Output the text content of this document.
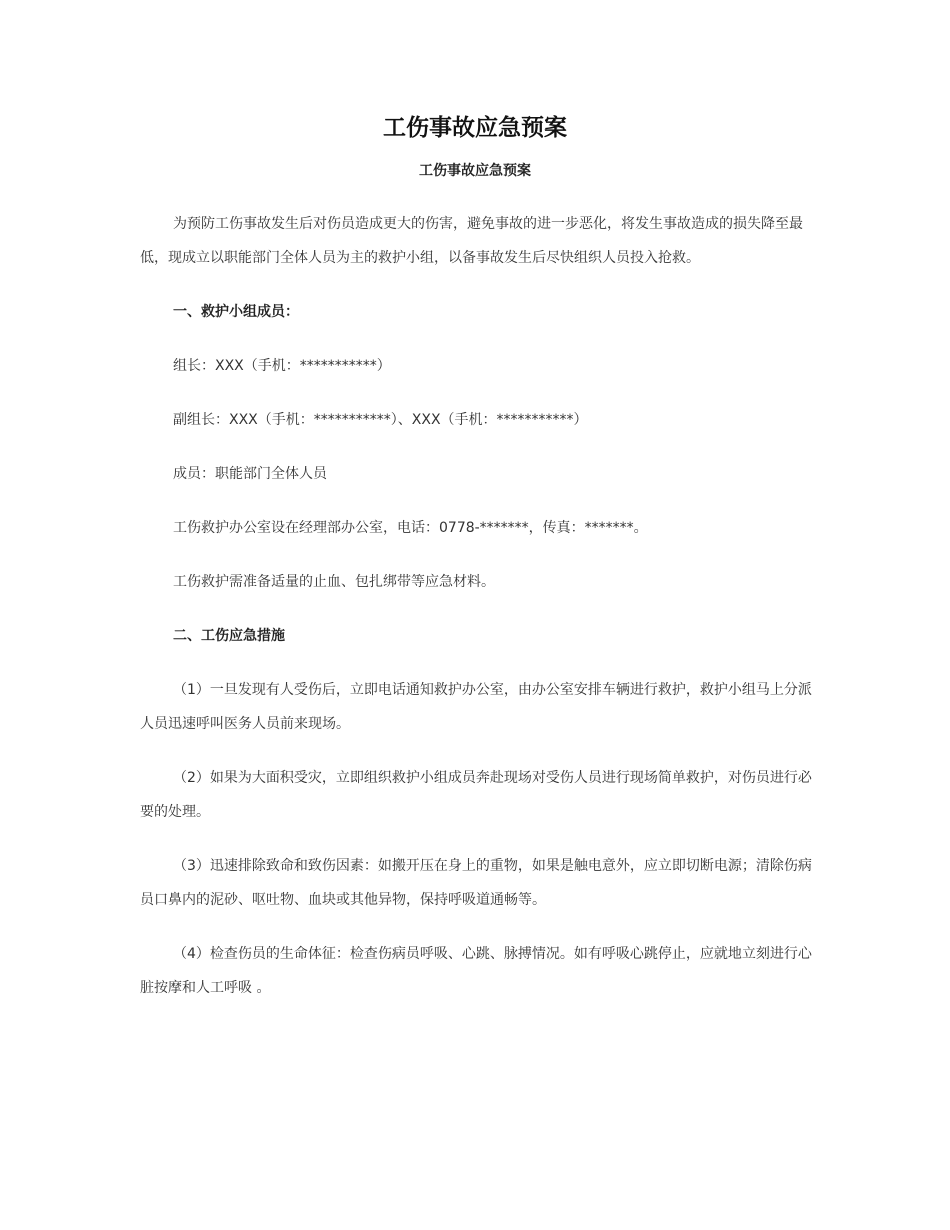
工伤事故应急预案
工伤事故应急预案

为预防工伤事故发生后对伤员造成更大的伤害，避免事故的进一步恶化，将发生事故造成的损失降至最低，现成立以职能部门全体人员为主的救护小组，以备事故发生后尽快组织人员投入抢救。

一、救护小组成员：

组长：XXX（手机：***********）

副组长：XXX（手机：***********）、XXX（手机：***********）

成员：职能部门全体人员

工伤救护办公室设在经理部办公室，电话：0778-*******，传真：*******。

工伤救护需准备适量的止血、包扎绑带等应急材料。

二、工伤应急措施

（1）一旦发现有人受伤后，立即电话通知救护办公室，由办公室安排车辆进行救护，救护小组马上分派人员迅速呼叫医务人员前来现场。

（2）如果为大面积受灾，立即组织救护小组成员奔赴现场对受伤人员进行现场简单救护，对伤员进行必要的处理。

（3）迅速排除致命和致伤因素：如搬开压在身上的重物，如果是触电意外，应立即切断电源；清除伤病员口鼻内的泥砂、呕吐物、血块或其他异物，保持呼吸道通畅等。

（4）检查伤员的生命体征：检查伤病员呼吸、心跳、脉搏情况。如有呼吸心跳停止，应就地立刻进行心脏按摩和人工呼吸 。
